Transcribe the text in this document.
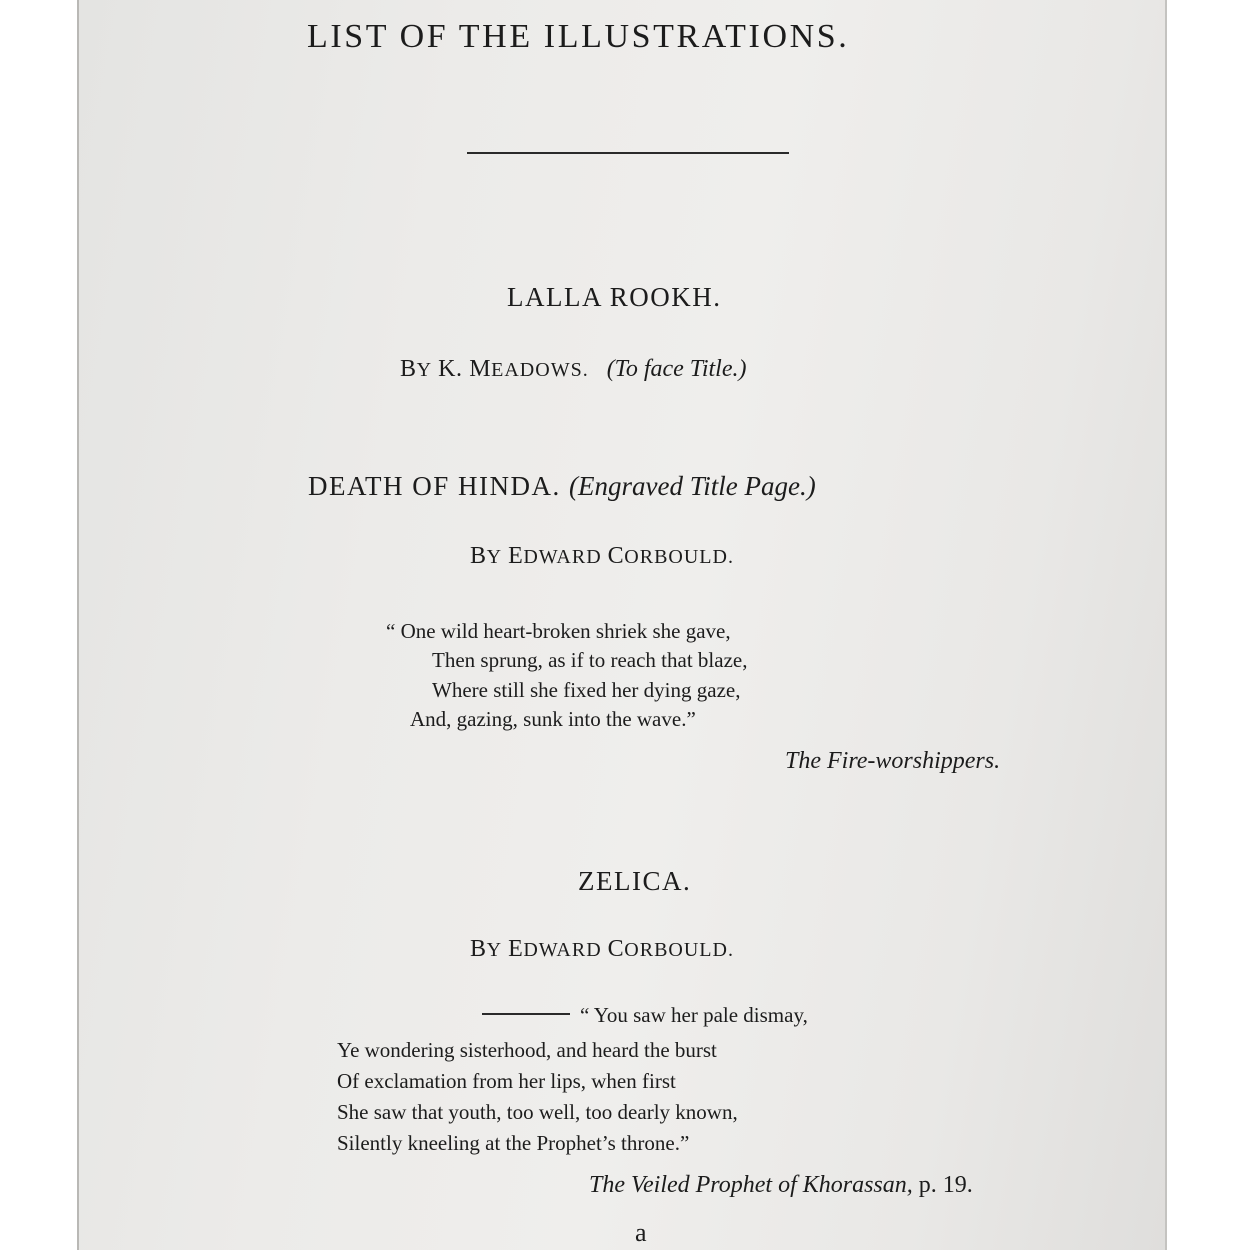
LIST OF THE ILLUSTRATIONS.
LALLA ROOKH.
BY K. MEADOWS. (To face Title.)
DEATH OF HINDA. (Engraved Title Page.)
BY EDWARD CORBOULD.
“ One wild heart-broken shriek she gave,
Then sprung, as if to reach that blaze,
Where still she fixed her dying gaze,
And, gazing, sunk into the wave.”
The Fire-worshippers.
ZELICA.
BY EDWARD CORBOULD.
“ You saw her pale dismay,
Ye wondering sisterhood, and heard the burst
Of exclamation from her lips, when first
She saw that youth, too well, too dearly known,
Silently kneeling at the Prophet’s throne.”
The Veiled Prophet of Khorassan, p. 19.
a
